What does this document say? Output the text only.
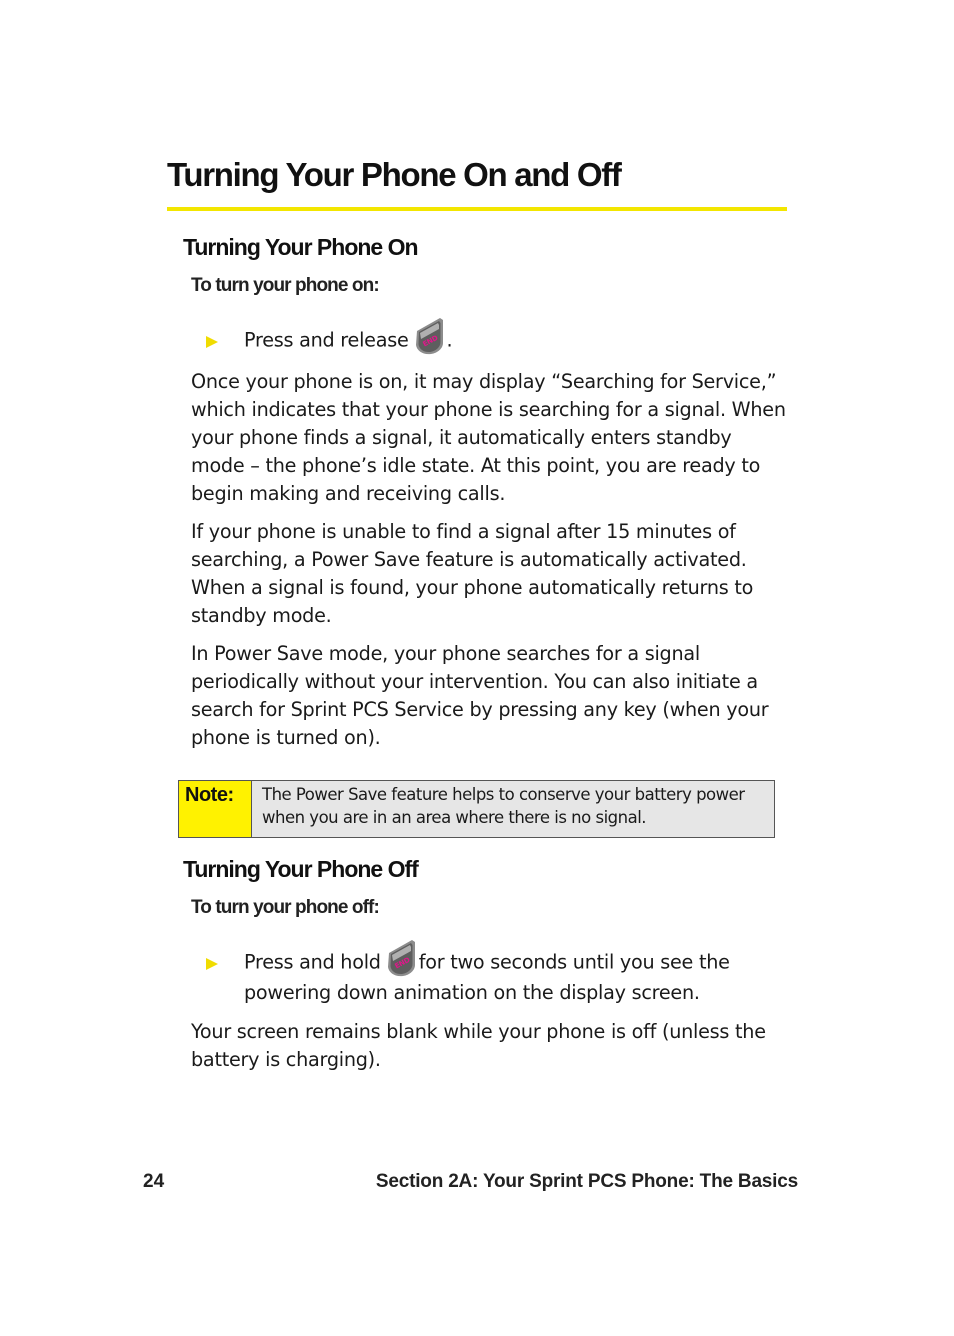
Turning Your Phone On and Off
Turning Your Phone On
To turn your phone on:
Press and release .

Once your phone is on, it may display “Searching for Service,” which indicates that your phone is searching for a signal. When your phone finds a signal, it automatically enters standby mode – the phone’s idle state. At this point, you are ready to begin making and receiving calls.

If your phone is unable to find a signal after 15 minutes of searching, a Power Save feature is automatically activated. When a signal is found, your phone automatically returns to standby mode.

In Power Save mode, your phone searches for a signal periodically without your intervention. You can also initiate a search for Sprint PCS Service by pressing any key (when your phone is turned on).

Note:	The Power Save feature helps to conserve your battery power when you are in an area where there is no signal.
Turning Your Phone Off
To turn your phone off:
Press and hold for two seconds until you see the
powering down animation on the display screen.

Your screen remains blank while your phone is off (unless the battery is charging).

24	Section 2A: Your Sprint PCS Phone: The Basics
